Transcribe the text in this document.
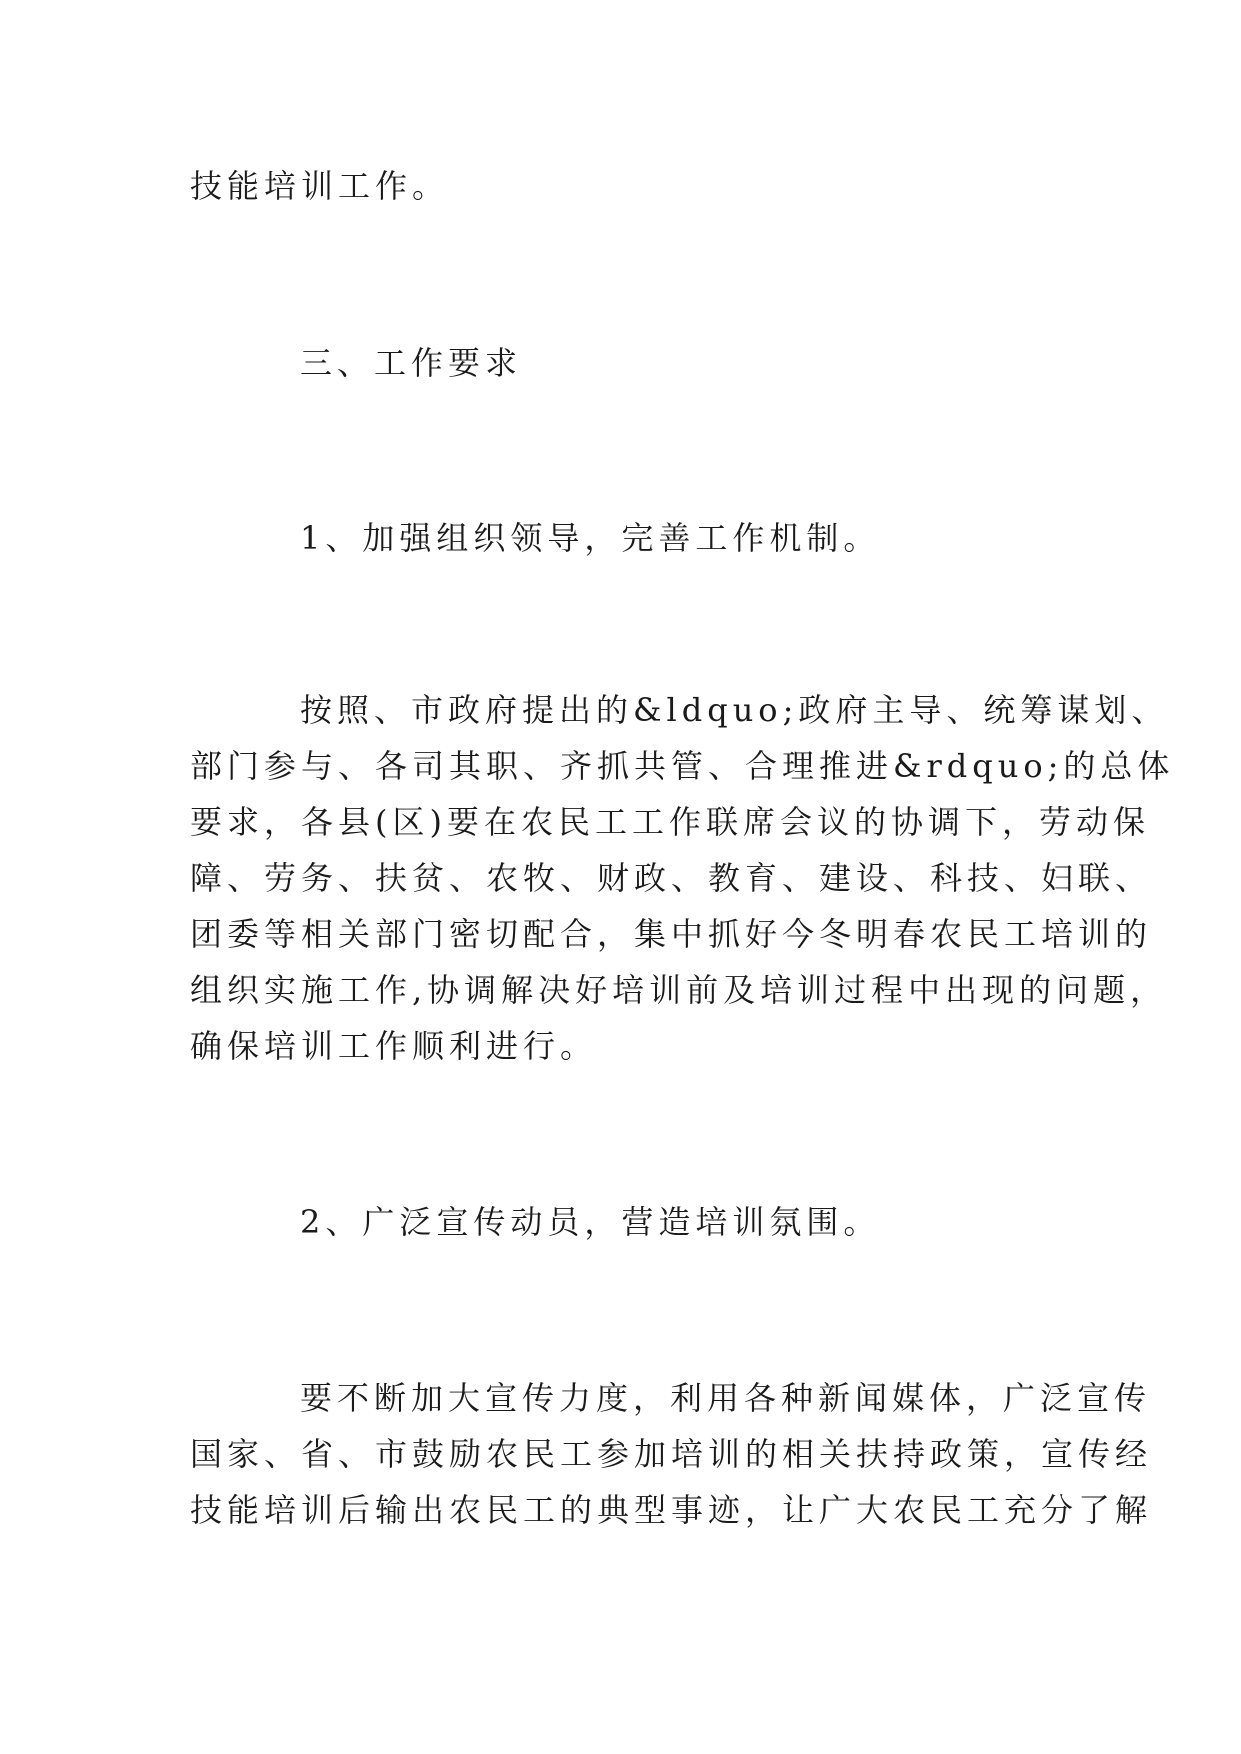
技能培训工作。
三、工作要求
1、加强组织领导，完善工作机制。
按照、市政府提出的&ldquo;政府主导、统筹谋划、
部门参与、各司其职、齐抓共管、合理推进&rdquo;的总体
要求，各县(区)要在农民工工作联席会议的协调下，劳动保
障、劳务、扶贫、农牧、财政、教育、建设、科技、妇联、
团委等相关部门密切配合，集中抓好今冬明春农民工培训的
组织实施工作,协调解决好培训前及培训过程中出现的问题，
确保培训工作顺利进行。
2、广泛宣传动员，营造培训氛围。
要不断加大宣传力度，利用各种新闻媒体，广泛宣传
国家、省、市鼓励农民工参加培训的相关扶持政策，宣传经
技能培训后输出农民工的典型事迹，让广大农民工充分了解
